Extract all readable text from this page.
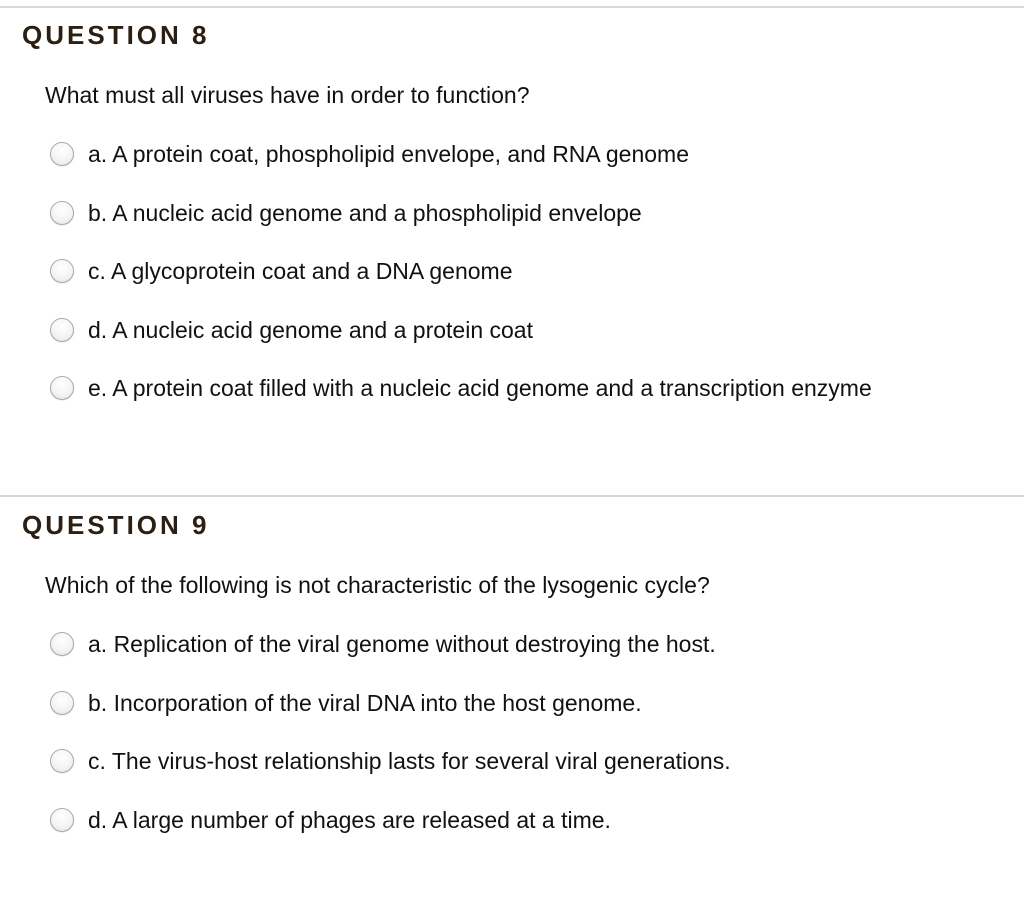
QUESTION 8
What must all viruses have in order to function?
a. A protein coat, phospholipid envelope, and RNA genome
b. A nucleic acid genome and a phospholipid envelope
c. A glycoprotein coat and a DNA genome
d. A nucleic acid genome and a protein coat
e. A protein coat filled with a nucleic acid genome and a transcription enzyme
QUESTION 9
Which of the following is not characteristic of the lysogenic cycle?
a. Replication of the viral genome without destroying the host.
b. Incorporation of the viral DNA into the host genome.
c. The virus-host relationship lasts for several viral generations.
d. A large number of phages are released at a time.
